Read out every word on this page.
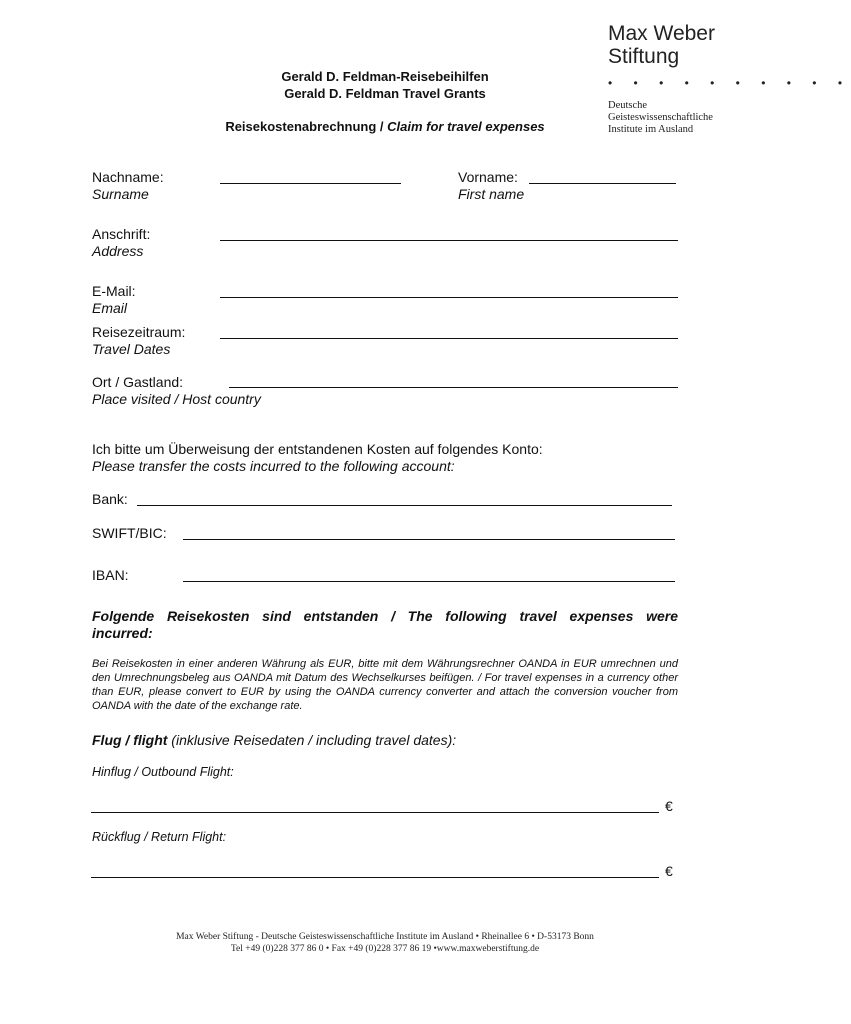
Max Weber
Stiftung
• • • • • • • • • •
Deutsche
Geisteswissenschaftliche
Institute im Ausland
Gerald D. Feldman-Reisebeihilfen
Gerald D. Feldman Travel Grants
Reisekostenabrechnung / Claim for travel expenses
Nachname:
Surname
Vorname:
First name
Anschrift:
Address
E-Mail:
Email
Reisezeitraum:
Travel Dates
Ort / Gastland:
Place visited / Host country
Ich bitte um Überweisung der entstandenen Kosten auf folgendes Konto:
Please transfer the costs incurred to the following account:
Bank:
SWIFT/BIC:
IBAN:
Folgende Reisekosten sind entstanden / The following travel expenses were incurred:
Bei Reisekosten in einer anderen Währung als EUR, bitte mit dem Währungsrechner OANDA in EUR umrechnen und den Umrechnungsbeleg aus OANDA mit Datum des Wechselkurses beifügen. / For travel expenses in a currency other than EUR, please convert to EUR by using the OANDA currency converter and attach the conversion voucher from OANDA with the date of the exchange rate.
Flug / flight (inklusive Reisedaten / including travel dates):
Hinflug / Outbound Flight:
€
Rückflug / Return Flight:
€
Max Weber Stiftung - Deutsche Geisteswissenschaftliche Institute im Ausland • Rheinallee 6 • D-53173 Bonn
Tel +49 (0)228 377 86 0 • Fax +49 (0)228 377 86 19 •www.maxweberstiftung.de
